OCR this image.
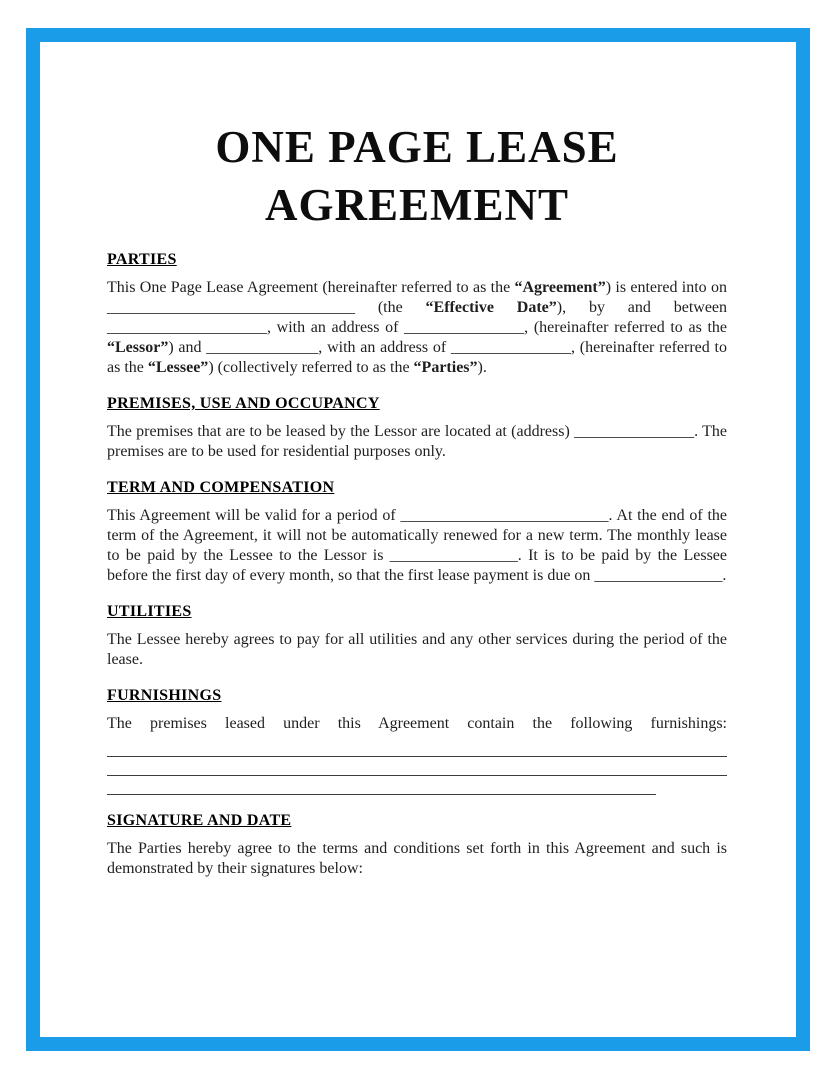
ONE PAGE LEASE
AGREEMENT
PARTIES

This One Page Lease Agreement (hereinafter referred to as the “Agreement”) is entered into on _______________________________ (the “Effective Date”), by and between ____________________, with an address of _______________, (hereinafter referred to as the “Lessor”) and ______________, with an address of _______________, (hereinafter referred to as the “Lessee”) (collectively referred to as the “Parties”).

PREMISES, USE AND OCCUPANCY

The premises that are to be leased by the Lessor are located at (address) _______________. The premises are to be used for residential purposes only.

TERM AND COMPENSATION

This Agreement will be valid for a period of __________________________. At the end of the term of the Agreement, it will not be automatically renewed for a new term. The monthly lease to be paid by the Lessee to the Lessor is ________________. It is to be paid by the Lessee before the first day of every month, so that the first lease payment is due on ________________.

UTILITIES

The Lessee hereby agrees to pay for all utilities and any other services during the period of the lease.

FURNISHINGS

The premises leased under this Agreement contain the following furnishings:

SIGNATURE AND DATE

The Parties hereby agree to the terms and conditions set forth in this Agreement and such is demonstrated by their signatures below:
